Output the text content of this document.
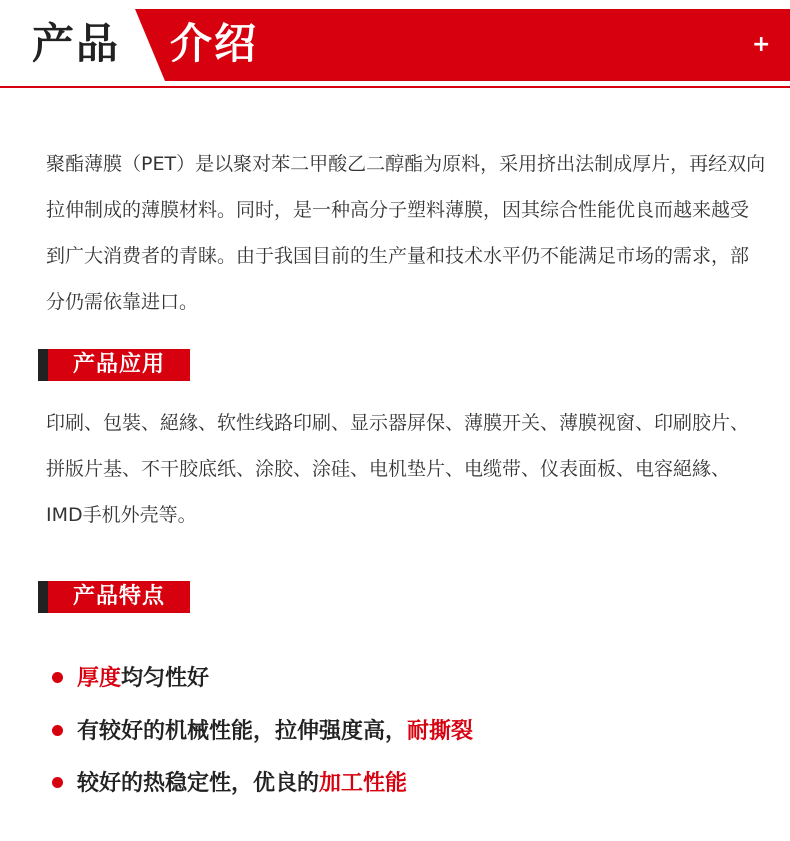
产品 介绍	+
聚酯薄膜（PET）是以聚对苯二甲酸乙二醇酯为原料，采用挤出法制成厚片，再经双向拉伸制成的薄膜材料。同时，是一种高分子塑料薄膜，因其综合性能优良而越来越受到广大消费者的青睐。由于我国目前的生产量和技术水平仍不能满足市场的需求，部分仍需依靠进口。
产品应用
印刷、包裝、絕緣、软性线路印刷、显示器屏保、薄膜开关、薄膜视窗、印刷胶片、拼版片基、不干胶底纸、涂胶、涂硅、电机垫片、电缆带、仪表面板、电容絕緣、IMD手机外壳等。
产品特点
厚度均匀性好
有较好的机械性能，拉伸强度高，耐撕裂
较好的热稳定性，优良的加工性能
